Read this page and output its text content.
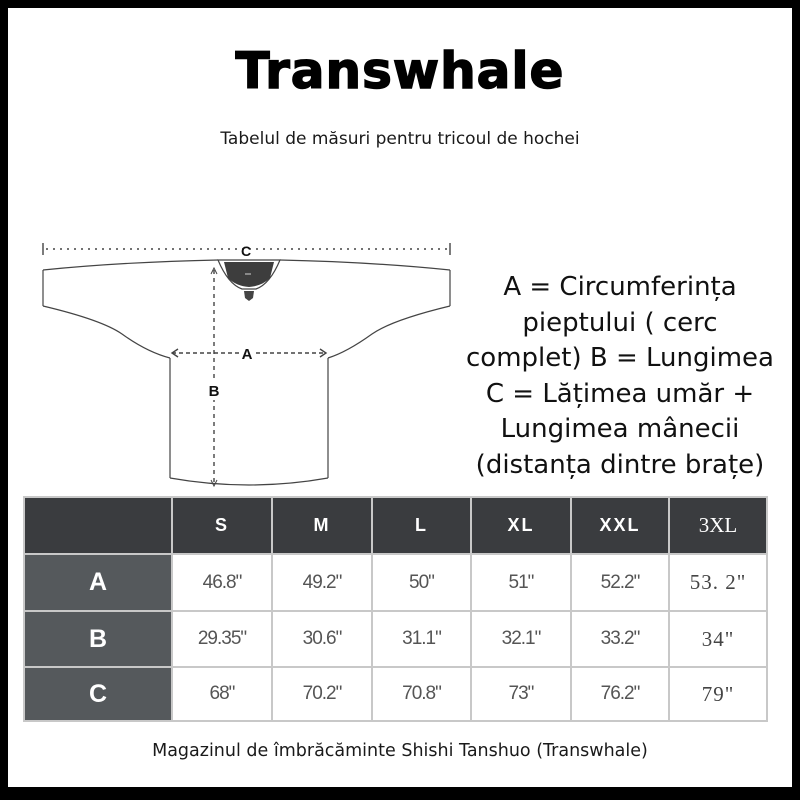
Transwhale
Tabelul de măsuri pentru tricoul de hochei
C
A
B
A = Circumferința
pieptului ( cerc
complet) B = Lungimea
C = Lățimea umăr +
Lungimea mânecii
(distanța dintre brațe)
	S	M	L	XL	XXL	3XL
A	46.8"	49.2"	50"	51"	52.2"	53. 2"
B	29.35"	30.6"	31.1"	32.1"	33.2"	34"
C	68"	70.2"	70.8"	73"	76.2"	79"
Magazinul de îmbrăcăminte Shishi Tanshuo (Transwhale)
